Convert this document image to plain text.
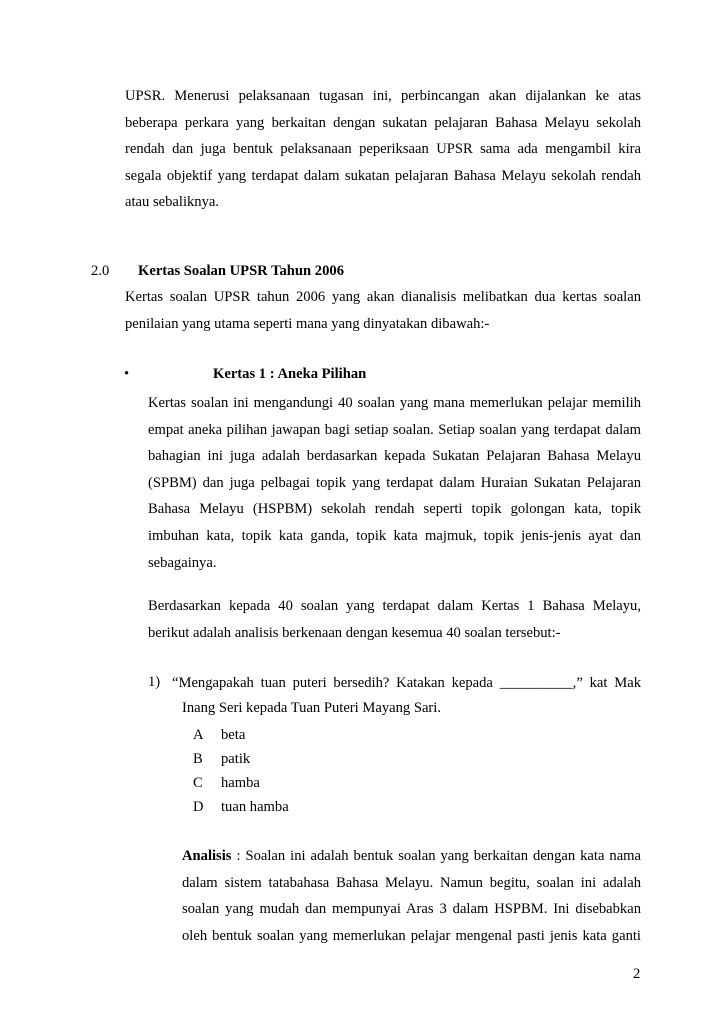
UPSR. Menerusi pelaksanaan tugasan ini, perbincangan akan dijalankan ke atas
beberapa perkara yang berkaitan dengan sukatan pelajaran Bahasa Melayu sekolah
rendah dan juga bentuk pelaksanaan peperiksaan UPSR sama ada mengambil kira
segala objektif yang terdapat dalam sukatan pelajaran Bahasa Melayu sekolah rendah
atau sebaliknya.
2.0 Kertas Soalan UPSR Tahun 2006
Kertas soalan UPSR tahun 2006 yang akan dianalisis melibatkan dua kertas soalan
penilaian yang utama seperti mana yang dinyatakan dibawah:-
•	Kertas 1 : Aneka Pilihan
Kertas soalan ini mengandungi 40 soalan yang mana memerlukan pelajar memilih
empat aneka pilihan jawapan bagi setiap soalan. Setiap soalan yang terdapat dalam
bahagian ini juga adalah berdasarkan kepada Sukatan Pelajaran Bahasa Melayu
(SPBM) dan juga pelbagai topik yang terdapat dalam Huraian Sukatan Pelajaran
Bahasa Melayu (HSPBM) sekolah rendah seperti topik golongan kata, topik
imbuhan kata, topik kata ganda, topik kata majmuk, topik jenis-jenis ayat dan
sebagainya.
Berdasarkan kepada 40 soalan yang terdapat dalam Kertas 1 Bahasa Melayu,
berikut adalah analisis berkenaan dengan kesemua 40 soalan tersebut:-
1) “Mengapakah tuan puteri bersedih? Katakan kepada __________,” kat Mak
Inang Seri kepada Tuan Puteri Mayang Sari.
A beta
B patik
C hamba
D tuan hamba
Analisis : Soalan ini adalah bentuk soalan yang berkaitan dengan kata nama
dalam sistem tatabahasa Bahasa Melayu. Namun begitu, soalan ini adalah
soalan yang mudah dan mempunyai Aras 3 dalam HSPBM. Ini disebabkan
oleh bentuk soalan yang memerlukan pelajar mengenal pasti jenis kata ganti
2
